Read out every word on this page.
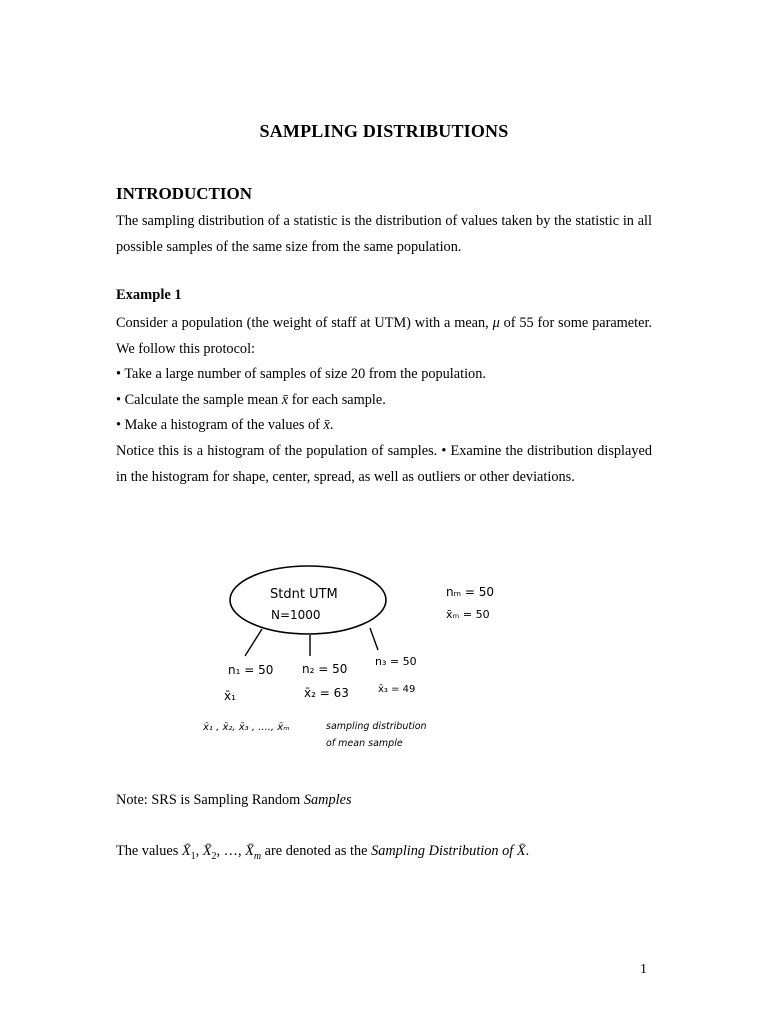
SAMPLING DISTRIBUTIONS
INTRODUCTION

The sampling distribution of a statistic is the distribution of values taken by the statistic in all possible samples of the same size from the same population.

Example 1

Consider a population (the weight of staff at UTM) with a mean, μ of 55 for some parameter. We follow this protocol:

• Take a large number of samples of size 20 from the population.

• Calculate the sample mean x̄ for each sample.

• Make a histogram of the values of x̄.

Notice this is a histogram of the population of samples. • Examine the distribution displayed in the histogram for shape, center, spread, as well as outliers or other deviations.

Stdnt UTM
N=1000
n₁ = 50
x̄₁
n₂ = 50
x̄₂ = 63
n₃ = 50
x̄₃ = 49
nₘ = 50
x̄ₘ = 50
x̄₁ , x̄₂, x̄₃ , ...., x̄ₘ	sampling distribution
of mean sample
Note: SRS is Sampling Random Samples
The values $X̄_1$, $X̄_2$, …, $X̄_m$ are denoted as the Sampling Distribution of X̄.
1
